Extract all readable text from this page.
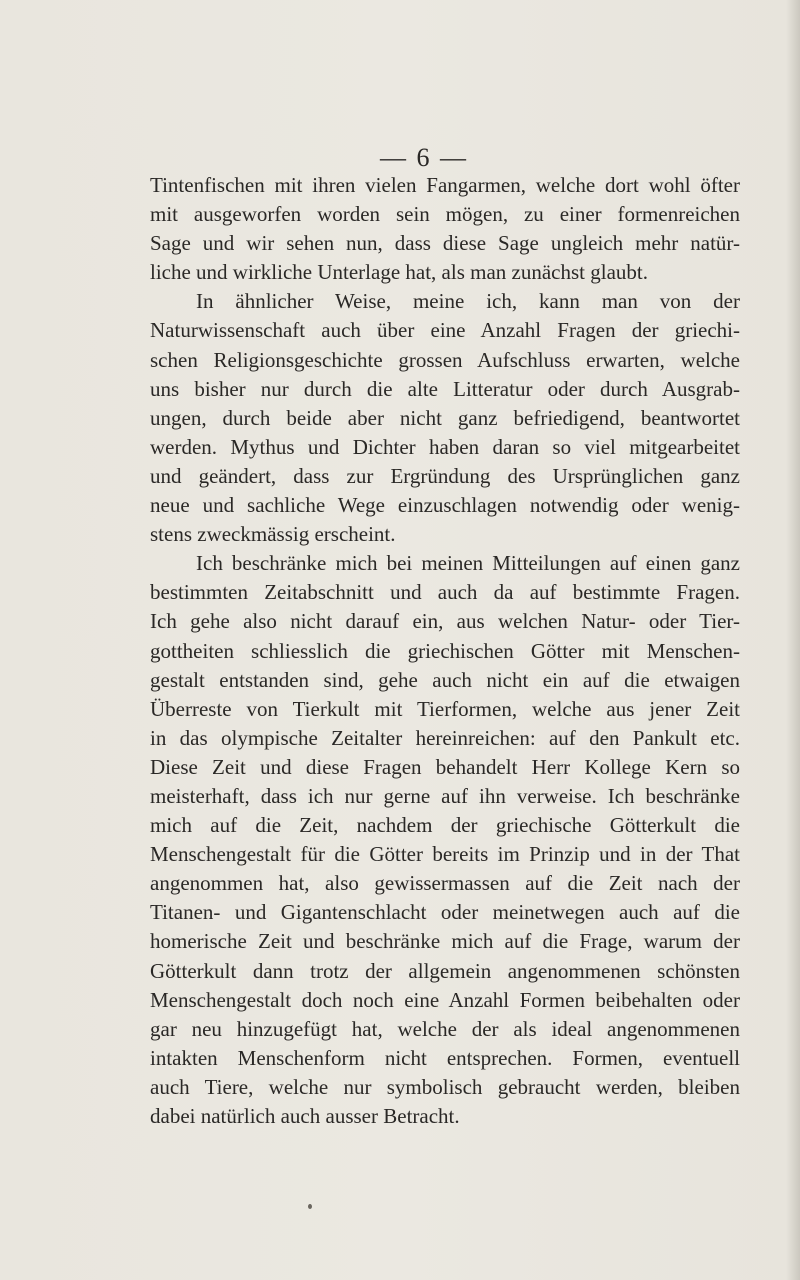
— 6 —
Tintenfischen mit ihren vielen Fangarmen, welche dort wohl öfter
mit ausgeworfen worden sein mögen, zu einer formenreichen
Sage und wir sehen nun, dass diese Sage ungleich mehr natür-
liche und wirkliche Unterlage hat, als man zunächst glaubt.
In ähnlicher Weise, meine ich, kann man von der
Naturwissenschaft auch über eine Anzahl Fragen der griechi-
schen Religionsgeschichte grossen Aufschluss erwarten, welche
uns bisher nur durch die alte Litteratur oder durch Ausgrab-
ungen, durch beide aber nicht ganz befriedigend, beantwortet
werden. Mythus und Dichter haben daran so viel mitgearbeitet
und geändert, dass zur Ergründung des Ursprünglichen ganz
neue und sachliche Wege einzuschlagen notwendig oder wenig-
stens zweckmässig erscheint.
Ich beschränke mich bei meinen Mitteilungen auf einen ganz
bestimmten Zeitabschnitt und auch da auf bestimmte Fragen.
Ich gehe also nicht darauf ein, aus welchen Natur- oder Tier-
gottheiten schliesslich die griechischen Götter mit Menschen-
gestalt entstanden sind, gehe auch nicht ein auf die etwaigen
Überreste von Tierkult mit Tierformen, welche aus jener Zeit
in das olympische Zeitalter hereinreichen: auf den Pankult etc.
Diese Zeit und diese Fragen behandelt Herr Kollege Kern so
meisterhaft, dass ich nur gerne auf ihn verweise. Ich beschränke
mich auf die Zeit, nachdem der griechische Götterkult die
Menschengestalt für die Götter bereits im Prinzip und in der That
angenommen hat, also gewissermassen auf die Zeit nach der
Titanen- und Gigantenschlacht oder meinetwegen auch auf die
homerische Zeit und beschränke mich auf die Frage, warum der
Götterkult dann trotz der allgemein angenommenen schönsten
Menschengestalt doch noch eine Anzahl Formen beibehalten oder
gar neu hinzugefügt hat, welche der als ideal angenommenen
intakten Menschenform nicht entsprechen. Formen, eventuell
auch Tiere, welche nur symbolisch gebraucht werden, bleiben
dabei natürlich auch ausser Betracht.
